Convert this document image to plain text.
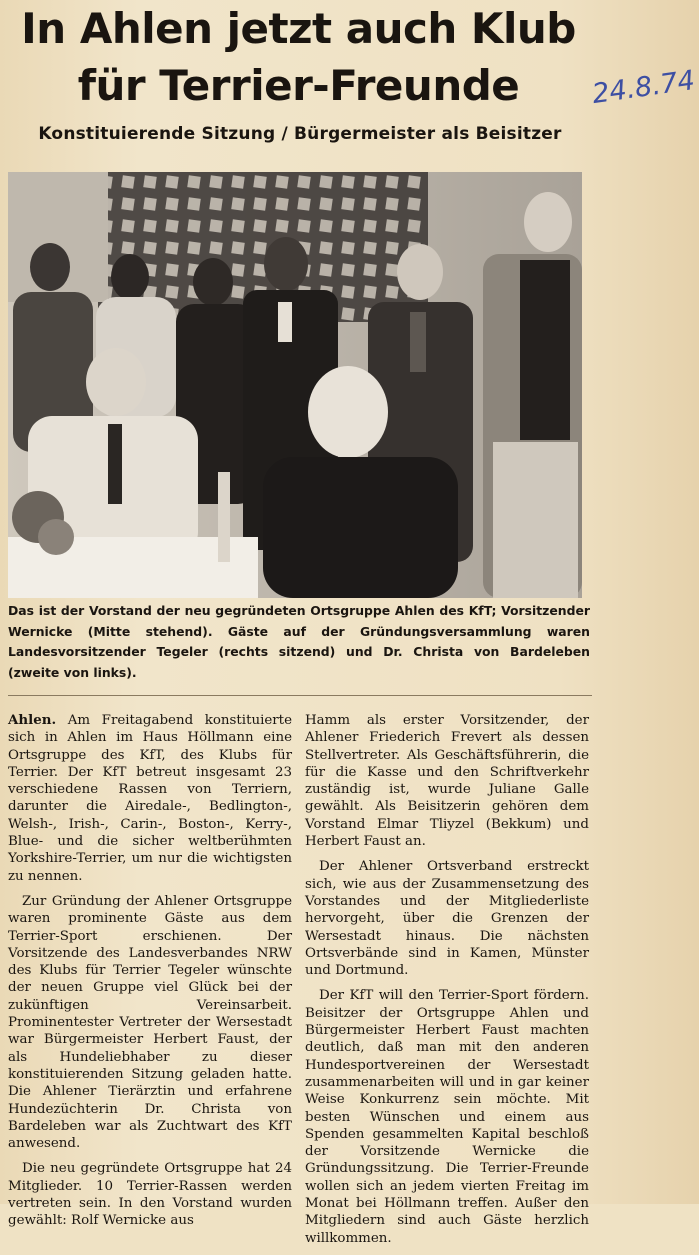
In Ahlen jetzt auch Klub
für Terrier-Freunde	24.8.74
Konstituierende Sitzung / Bürgermeister als Beisitzer
Das ist der Vorstand der neu gegründeten Ortsgruppe Ahlen des KfT; Vorsitzender Wernicke (Mitte stehend). Gäste auf der Gründungsversammlung waren Landesvorsitzender Tegeler (rechts sitzend) und Dr. Christa von Bardeleben (zweite von links).

Ahlen. Am Freitagabend konstituierte sich in Ahlen im Haus Höllmann eine Ortsgruppe des KfT, des Klubs für Terrier. Der KfT betreut insgesamt 23 verschiedene Rassen von Terriern, darunter die Airedale-, Bedlington-, Welsh-, Irish-, Carin-, Boston-, Kerry-, Blue- und die sicher weltberühmten Yorkshire-Terrier, um nur die wichtigsten zu nennen.

Zur Gründung der Ahlener Ortsgruppe waren prominente Gäste aus dem Terrier-Sport erschienen. Der Vorsitzende des Landesverbandes NRW des Klubs für Terrier Tegeler wünschte der neuen Gruppe viel Glück bei der zukünftigen Vereinsarbeit. Prominentester Vertreter der Wersestadt war Bürgermeister Herbert Faust, der als Hundeliebhaber zu dieser konstituierenden Sitzung geladen hatte. Die Ahlener Tierärztin und erfahrene Hundezüchterin Dr. Christa von Bardeleben war als Zuchtwart des KfT anwesend.

Die neu gegründete Ortsgruppe hat 24 Mitglieder. 10 Terrier-Rassen werden vertreten sein. In den Vorstand wurden gewählt: Rolf Wernicke aus

Hamm als erster Vorsitzender, der Ahlener Friederich Frevert als dessen Stellvertreter. Als Geschäftsführerin, die für die Kasse und den Schriftverkehr zuständig ist, wurde Juliane Galle gewählt. Als Beisitzerin gehören dem Vorstand Elmar Tliyzel (Bekkum) und Herbert Faust an.

Der Ahlener Ortsverband erstreckt sich, wie aus der Zusammensetzung des Vorstandes und der Mitgliederliste hervorgeht, über die Grenzen der Wersestadt hinaus. Die nächsten Ortsverbände sind in Kamen, Münster und Dortmund.

Der KfT will den Terrier-Sport fördern. Beisitzer der Ortsgruppe Ahlen und Bürgermeister Herbert Faust machten deutlich, daß man mit den anderen Hundesportvereinen der Wersestadt zusammenarbeiten will und in gar keiner Weise Konkurrenz sein möchte. Mit besten Wünschen und einem aus Spenden gesammelten Kapital beschloß der Vorsitzende Wernicke die Gründungssitzung. Die Terrier-Freunde wollen sich an jedem vierten Freitag im Monat bei Höllmann treffen. Außer den Mitgliedern sind auch Gäste herzlich willkommen.
